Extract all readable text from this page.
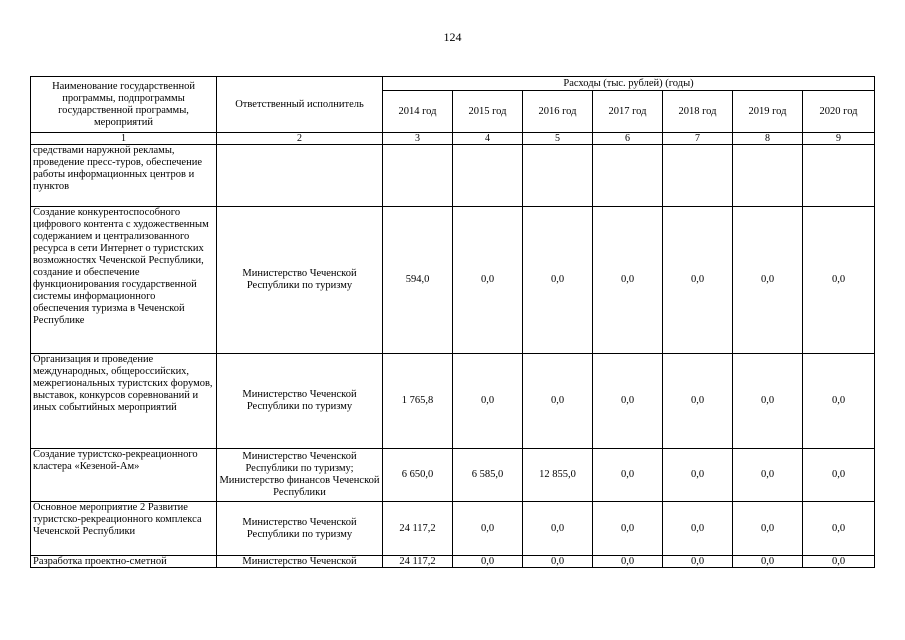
124
Наименование государственной программы, подпрограммы государственной программы, мероприятий	Ответственный исполнитель	Расходы (тыс. рублей) (годы)						
		2014 год	2015 год	2016 год	2017 год	2018 год	2019 год	2020 год
1	2	3	4	5	6	7	8	9
средствами наружной рекламы, проведение пресс-туров, обеспечение работы информационных центров и пунктов								
Создание конкурентоспособного цифрового контента с художественным содержанием и централизованного ресурса в сети Интернет о туристских возможностях Чеченской Республики, создание и обеспечение функционирования государственной системы информационного обеспечения туризма в Чеченской Республике	Министерство Чеченской Республики по туризму	594,0	0,0	0,0	0,0	0,0	0,0	0,0
Организация и проведение международных, общероссийских, межрегиональных туристских форумов, выставок, конкурсов соревнований и иных событийных мероприятий	Министерство Чеченской Республики по туризму	1 765,8	0,0	0,0	0,0	0,0	0,0	0,0
Создание туристско-рекреационного кластера «Кезеной-Ам»	Министерство Чеченской Республики по туризму; Министерство финансов Чеченской Республики	6 650,0	6 585,0	12 855,0	0,0	0,0	0,0	0,0
Основное мероприятие 2 Развитие туристско-рекреационного комплекса Чеченской Республики	Министерство Чеченской Республики по туризму	24 117,2	0,0	0,0	0,0	0,0	0,0	0,0
Разработка проектно-сметной	Министерство Чеченской	24 117,2	0,0	0,0	0,0	0,0	0,0	0,0
